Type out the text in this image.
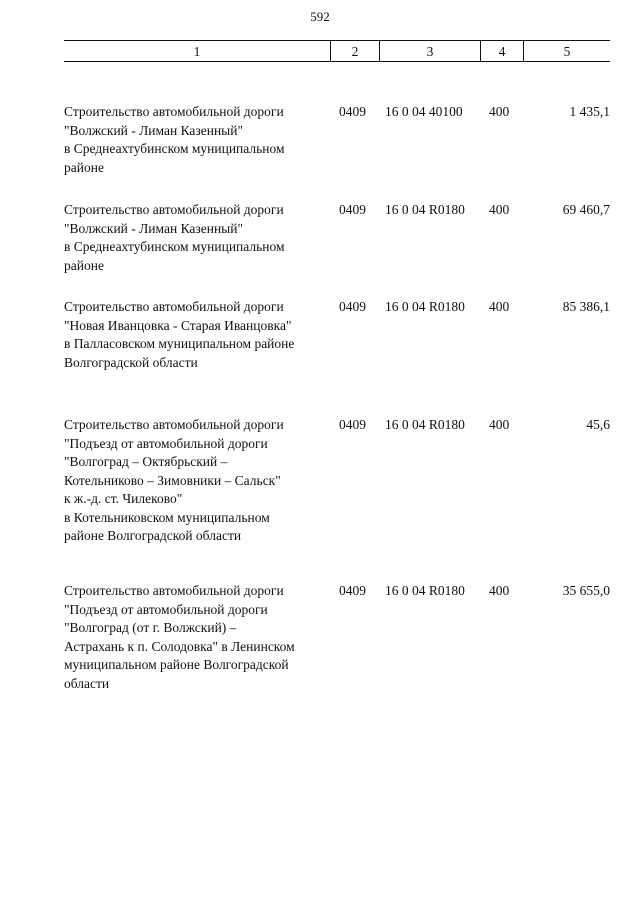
592
1	2	3	4	5
Строительство автомобильной дороги
"Волжский - Лиман Казенный"
в Среднеахтубинском муниципальном
районе
0409 16 0 04 40100 400	1 435,1
Строительство автомобильной дороги
"Волжский - Лиман Казенный"
в Среднеахтубинском муниципальном
районе
0409 16 0 04 R0180 400	69 460,7
Строительство автомобильной дороги
"Новая Иванцовка - Старая Иванцовка"
в Палласовском муниципальном районе
Волгоградской области
0409 16 0 04 R0180 400	85 386,1
Строительство автомобильной дороги
"Подъезд от автомобильной дороги
"Волгоград – Октябрьский –
Котельниково – Зимовники – Сальск"
к ж.-д. ст. Чилеково"
в Котельниковском муниципальном
районе Волгоградской области
0409 16 0 04 R0180 400	45,6
Строительство автомобильной дороги
"Подъезд от автомобильной дороги
"Волгоград (от г. Волжский) –
Астрахань к п. Солодовка" в Ленинском
муниципальном районе Волгоградской
области
0409 16 0 04 R0180 400	35 655,0
